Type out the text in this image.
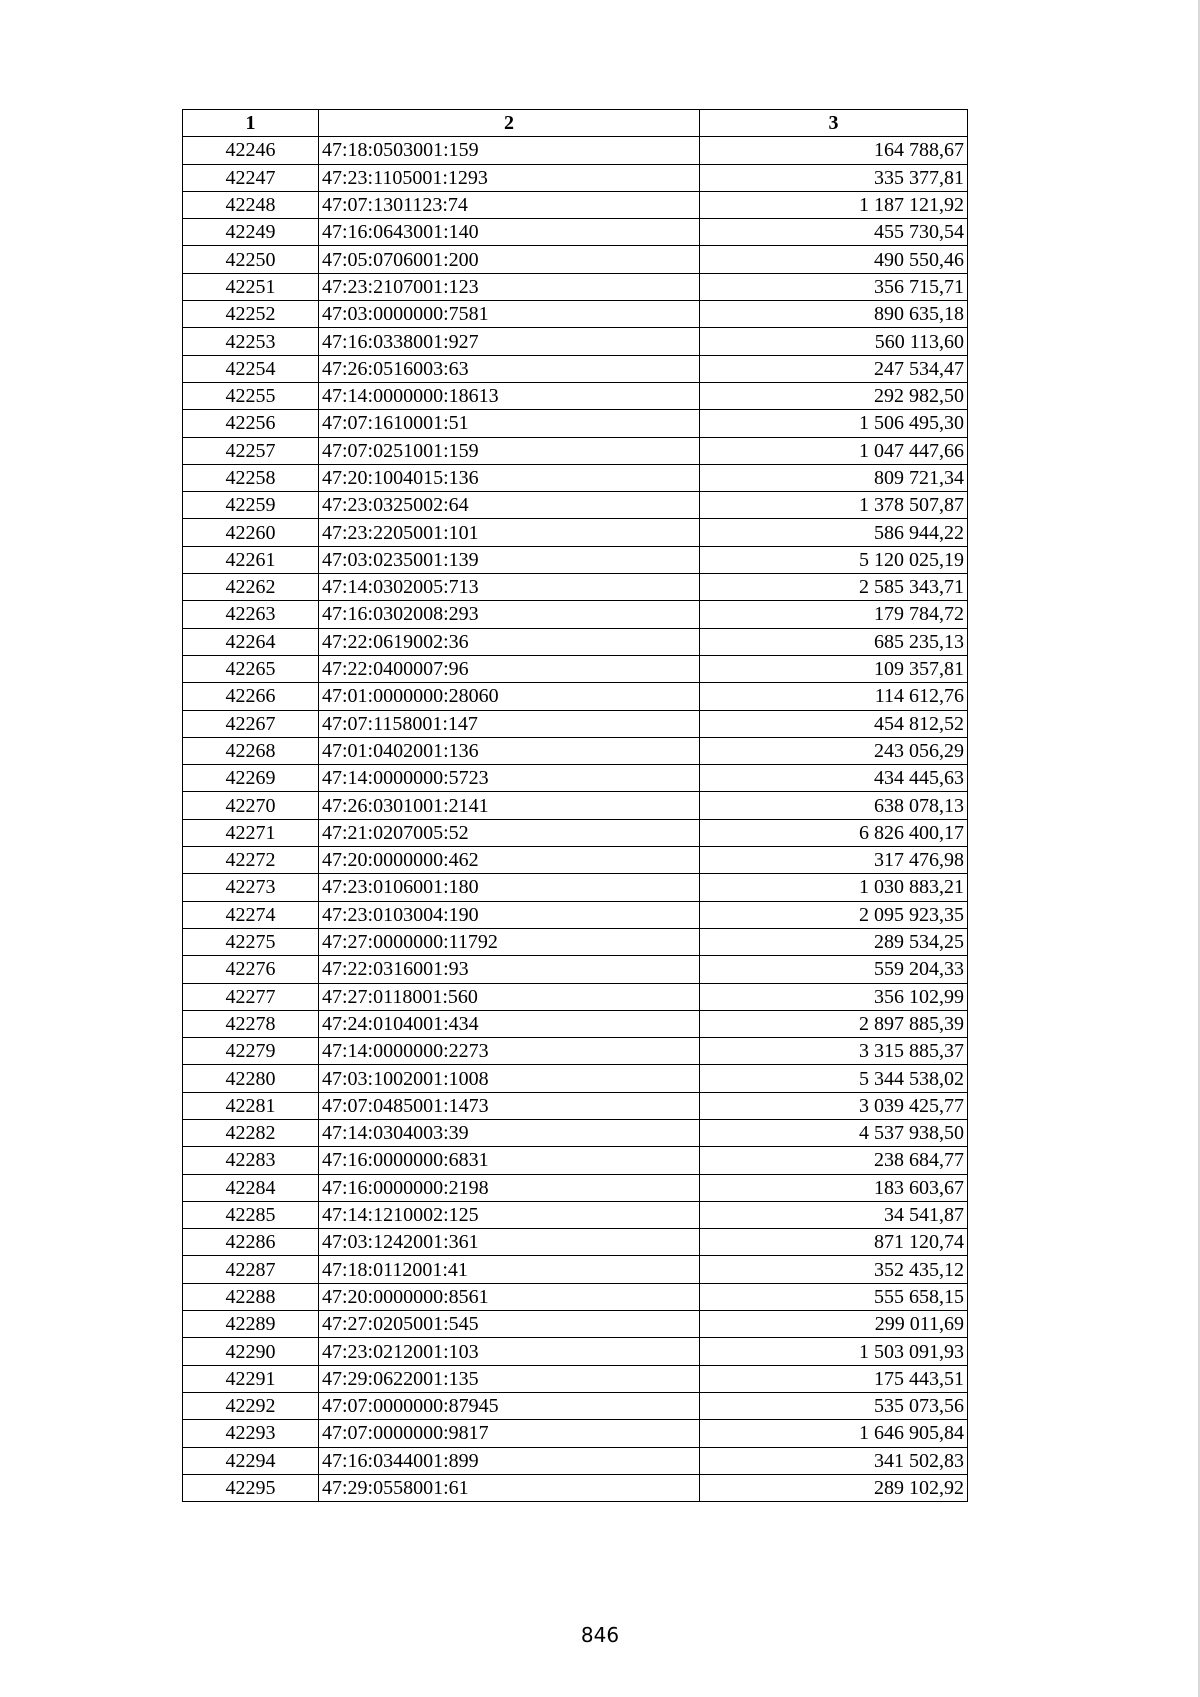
1	2	3
42246	47:18:0503001:159	164 788,67
42247	47:23:1105001:1293	335 377,81
42248	47:07:1301123:74	1 187 121,92
42249	47:16:0643001:140	455 730,54
42250	47:05:0706001:200	490 550,46
42251	47:23:2107001:123	356 715,71
42252	47:03:0000000:7581	890 635,18
42253	47:16:0338001:927	560 113,60
42254	47:26:0516003:63	247 534,47
42255	47:14:0000000:18613	292 982,50
42256	47:07:1610001:51	1 506 495,30
42257	47:07:0251001:159	1 047 447,66
42258	47:20:1004015:136	809 721,34
42259	47:23:0325002:64	1 378 507,87
42260	47:23:2205001:101	586 944,22
42261	47:03:0235001:139	5 120 025,19
42262	47:14:0302005:713	2 585 343,71
42263	47:16:0302008:293	179 784,72
42264	47:22:0619002:36	685 235,13
42265	47:22:0400007:96	109 357,81
42266	47:01:0000000:28060	114 612,76
42267	47:07:1158001:147	454 812,52
42268	47:01:0402001:136	243 056,29
42269	47:14:0000000:5723	434 445,63
42270	47:26:0301001:2141	638 078,13
42271	47:21:0207005:52	6 826 400,17
42272	47:20:0000000:462	317 476,98
42273	47:23:0106001:180	1 030 883,21
42274	47:23:0103004:190	2 095 923,35
42275	47:27:0000000:11792	289 534,25
42276	47:22:0316001:93	559 204,33
42277	47:27:0118001:560	356 102,99
42278	47:24:0104001:434	2 897 885,39
42279	47:14:0000000:2273	3 315 885,37
42280	47:03:1002001:1008	5 344 538,02
42281	47:07:0485001:1473	3 039 425,77
42282	47:14:0304003:39	4 537 938,50
42283	47:16:0000000:6831	238 684,77
42284	47:16:0000000:2198	183 603,67
42285	47:14:1210002:125	34 541,87
42286	47:03:1242001:361	871 120,74
42287	47:18:0112001:41	352 435,12
42288	47:20:0000000:8561	555 658,15
42289	47:27:0205001:545	299 011,69
42290	47:23:0212001:103	1 503 091,93
42291	47:29:0622001:135	175 443,51
42292	47:07:0000000:87945	535 073,56
42293	47:07:0000000:9817	1 646 905,84
42294	47:16:0344001:899	341 502,83
42295	47:29:0558001:61	289 102,92
846
